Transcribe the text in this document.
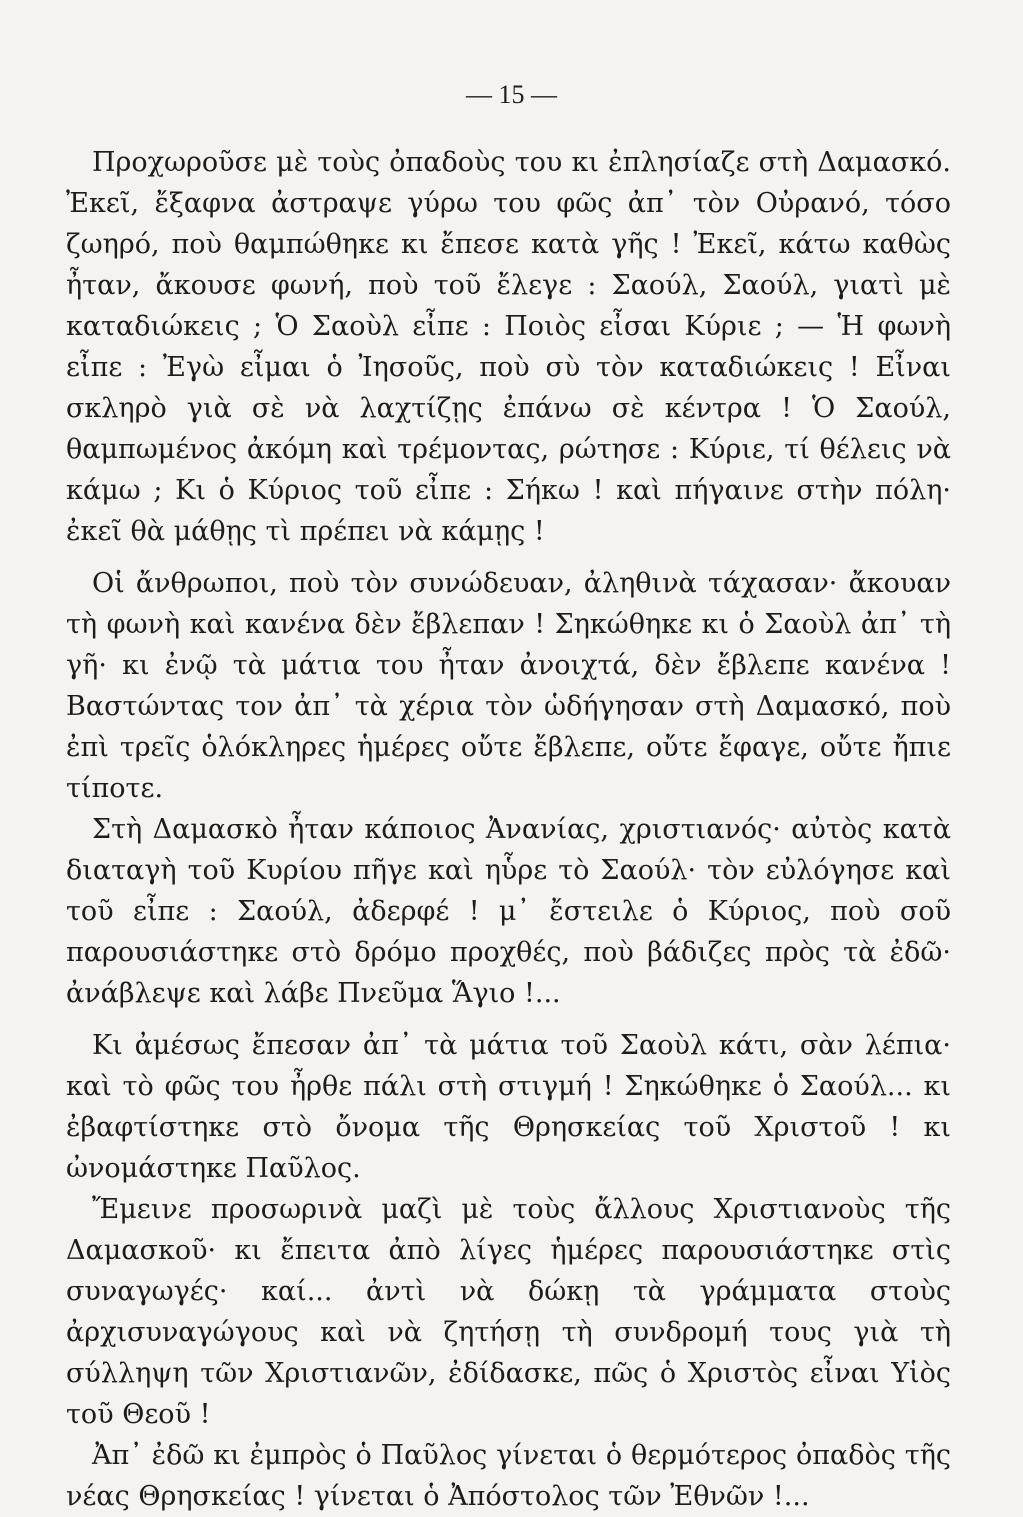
— 15 —

Προχωροῦσε μὲ τοὺς ὀπαδοὺς του κι ἐπλησίαζε στὴ Δαμασκό. Ἐκεῖ, ἔξαφνα ἀστραψε γύρω του φῶς ἀπ᾽ τὸν Οὐρανό, τόσο ζωηρό, ποὺ θαμπώθηκε κι ἔπεσε κατὰ γῆς ! Ἐκεῖ, κάτω καθὼς ἦταν, ἄκουσε φωνή, ποὺ τοῦ ἔλεγε : Σαούλ, Σαούλ, γιατὶ μὲ καταδιώκεις ; Ὁ Σαοὺλ εἶπε : Ποιὸς εἶσαι Κύριε ; — Ἡ φωνὴ εἶπε : Ἐγὼ εἶμαι ὁ Ἰησοῦς, ποὺ σὺ τὸν καταδιώκεις ! Εἶναι σκληρὸ γιὰ σὲ νὰ λαχτίζῃς ἐπάνω σὲ κέντρα ! Ὁ Σαούλ, θαμπωμένος ἀκόμη καὶ τρέμοντας, ρώτησε : Κύριε, τί θέλεις νὰ κάμω ; Κι ὁ Κύριος τοῦ εἶπε : Σήκω ! καὶ πήγαινε στὴν πόλη· ἐκεῖ θὰ μάθῃς τὶ πρέπει νὰ κάμῃς !

Οἱ ἄνθρωποι, ποὺ τὸν συνώδευαν, ἀληθινὰ τάχασαν· ἄκουαν τὴ φωνὴ καὶ κανένα δὲν ἔβλεπαν ! Σηκώθηκε κι ὁ Σαοὺλ ἀπ᾽ τὴ γῆ· κι ἐνῷ τὰ μάτια του ἦταν ἀνοιχτά, δὲν ἔβλεπε κανένα ! Βαστώντας τον ἀπ᾽ τὰ χέρια τὸν ὡδήγησαν στὴ Δαμασκό, ποὺ ἐπὶ τρεῖς ὁλόκληρες ἡμέρες οὔτε ἔβλεπε, οὔτε ἔφαγε, οὔτε ἤπιε τίποτε.

Στὴ Δαμασκὸ ἦταν κάποιος Ἀνανίας, χριστιανός· αὐτὸς κατὰ διαταγὴ τοῦ Κυρίου πῆγε καὶ ηὗρε τὸ Σαούλ· τὸν εὐλόγησε καὶ τοῦ εἶπε : Σαούλ, ἀδερφέ ! μ᾽ ἔστειλε ὁ Κύριος, ποὺ σοῦ παρουσιάστηκε στὸ δρόμο προχθές, ποὺ βάδιζες πρὸς τὰ ἐδῶ· ἀνάβλεψε καὶ λάβε Πνεῦμα Ἅγιο !...

Κι ἀμέσως ἔπεσαν ἀπ᾽ τὰ μάτια τοῦ Σαοὺλ κάτι, σὰν λέπια· καὶ τὸ φῶς του ἦρθε πάλι στὴ στιγμή ! Σηκώθηκε ὁ Σαούλ... κι ἐβαφτίστηκε στὸ ὄνομα τῆς Θρησκείας τοῦ Χριστοῦ ! κι ὠνομάστηκε Παῦλος.

Ἔμεινε προσωρινὰ μαζὶ μὲ τοὺς ἄλλους Χριστιανοὺς τῆς Δαμασκοῦ· κι ἔπειτα ἀπὸ λίγες ἡμέρες παρουσιάστηκε στὶς συναγωγές· καί... ἀντὶ νὰ δώκῃ τὰ γράμματα στοὺς ἀρχισυναγώγους καὶ νὰ ζητήσῃ τὴ συνδρομή τους γιὰ τὴ σύλληψη τῶν Χριστιανῶν, ἐδίδασκε, πῶς ὁ Χριστὸς εἶναι Υἱὸς τοῦ Θεοῦ !

Ἀπ᾽ ἐδῶ κι ἐμπρὸς ὁ Παῦλος γίνεται ὁ θερμότερος ὀπαδὸς τῆς νέας Θρησκείας ! γίνεται ὁ Ἀπόστολος τῶν Ἐθνῶν !...
